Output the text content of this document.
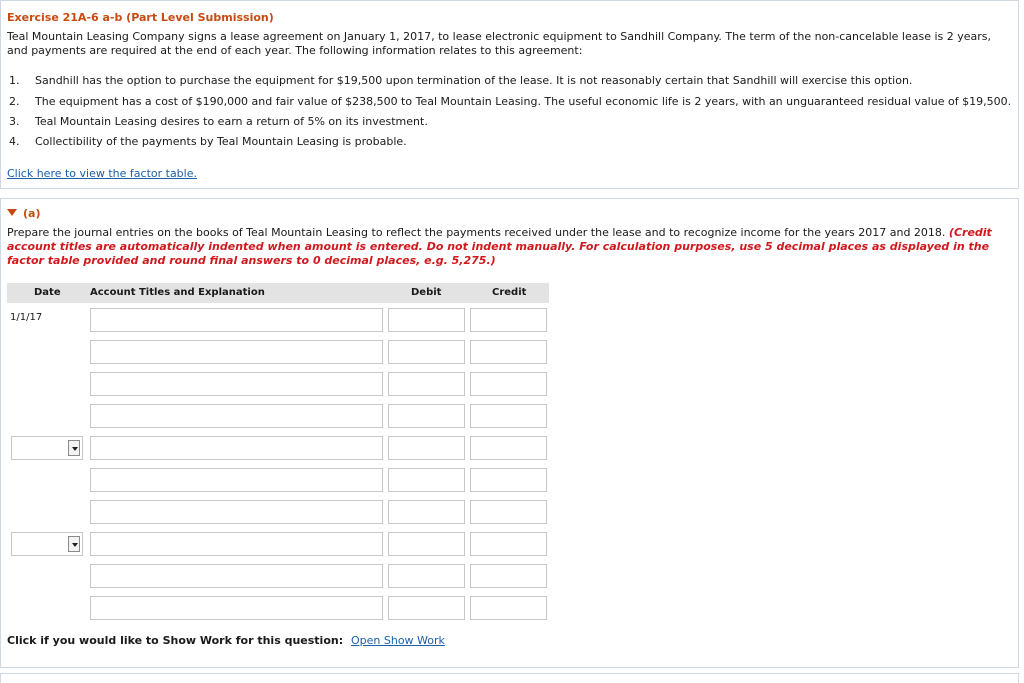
Exercise 21A-6 a-b (Part Level Submission)
Teal Mountain Leasing Company signs a lease agreement on January 1, 2017, to lease electronic equipment to Sandhill Company. The term of the non-cancelable lease is 2 years, and payments are required at the end of each year. The following information relates to this agreement:
1. Sandhill has the option to purchase the equipment for $19,500 upon termination of the lease. It is not reasonably certain that Sandhill will exercise this option.
2. The equipment has a cost of $190,000 and fair value of $238,500 to Teal Mountain Leasing. The useful economic life is 2 years, with an unguaranteed residual value of $19,500.
3. Teal Mountain Leasing desires to earn a return of 5% on its investment.
4. Collectibility of the payments by Teal Mountain Leasing is probable.
Click here to view the factor table.
(a)
Prepare the journal entries on the books of Teal Mountain Leasing to reflect the payments received under the lease and to recognize income for the years 2017 and 2018. (Credit account titles are automatically indented when amount is entered. Do not indent manually. For calculation purposes, use 5 decimal places as displayed in the factor table provided and round final answers to 0 decimal places, e.g. 5,275.)
Date	Account Titles and Explanation	Debit	Credit
1/1/17
Click if you would like to Show Work for this question: Open Show Work
